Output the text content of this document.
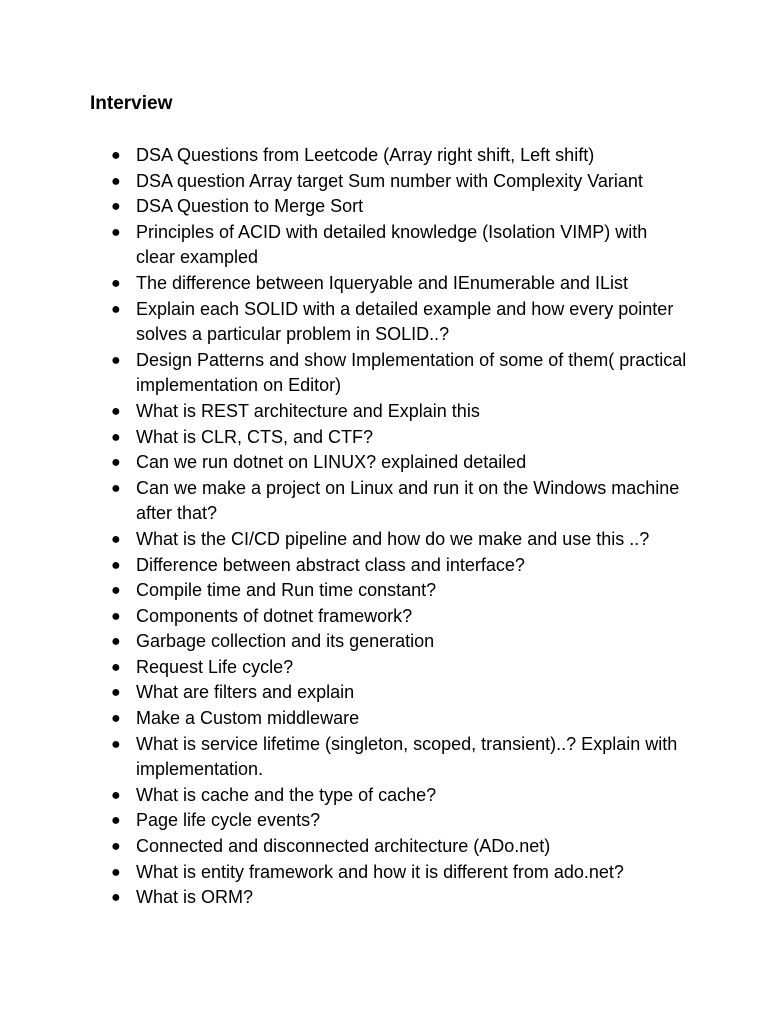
Interview
● DSA Questions from Leetcode (Array right shift, Left shift)
● DSA question Array target Sum number with Complexity Variant
● DSA Question to Merge Sort
● Principles of ACID with detailed knowledge (Isolation VIMP) with clear exampled
● The difference between Iqueryable and IEnumerable and IList
● Explain each SOLID with a detailed example and how every pointer solves a particular problem in SOLID..?
● Design Patterns and show Implementation of some of them( practical implementation on Editor)
● What is REST architecture and Explain this
● What is CLR, CTS, and CTF?
● Can we run dotnet on LINUX? explained detailed
● Can we make a project on Linux and run it on the Windows machine after that?
● What is the CI/CD pipeline and how do we make and use this ..?
● Difference between abstract class and interface?
● Compile time and Run time constant?
● Components of dotnet framework?
● Garbage collection and its generation
● Request Life cycle?
● What are filters and explain
● Make a Custom middleware
● What is service lifetime (singleton, scoped, transient)..? Explain with implementation.
● What is cache and the type of cache?
● Page life cycle events?
● Connected and disconnected architecture (ADo.net)
● What is entity framework and how it is different from ado.net?
● What is ORM?
